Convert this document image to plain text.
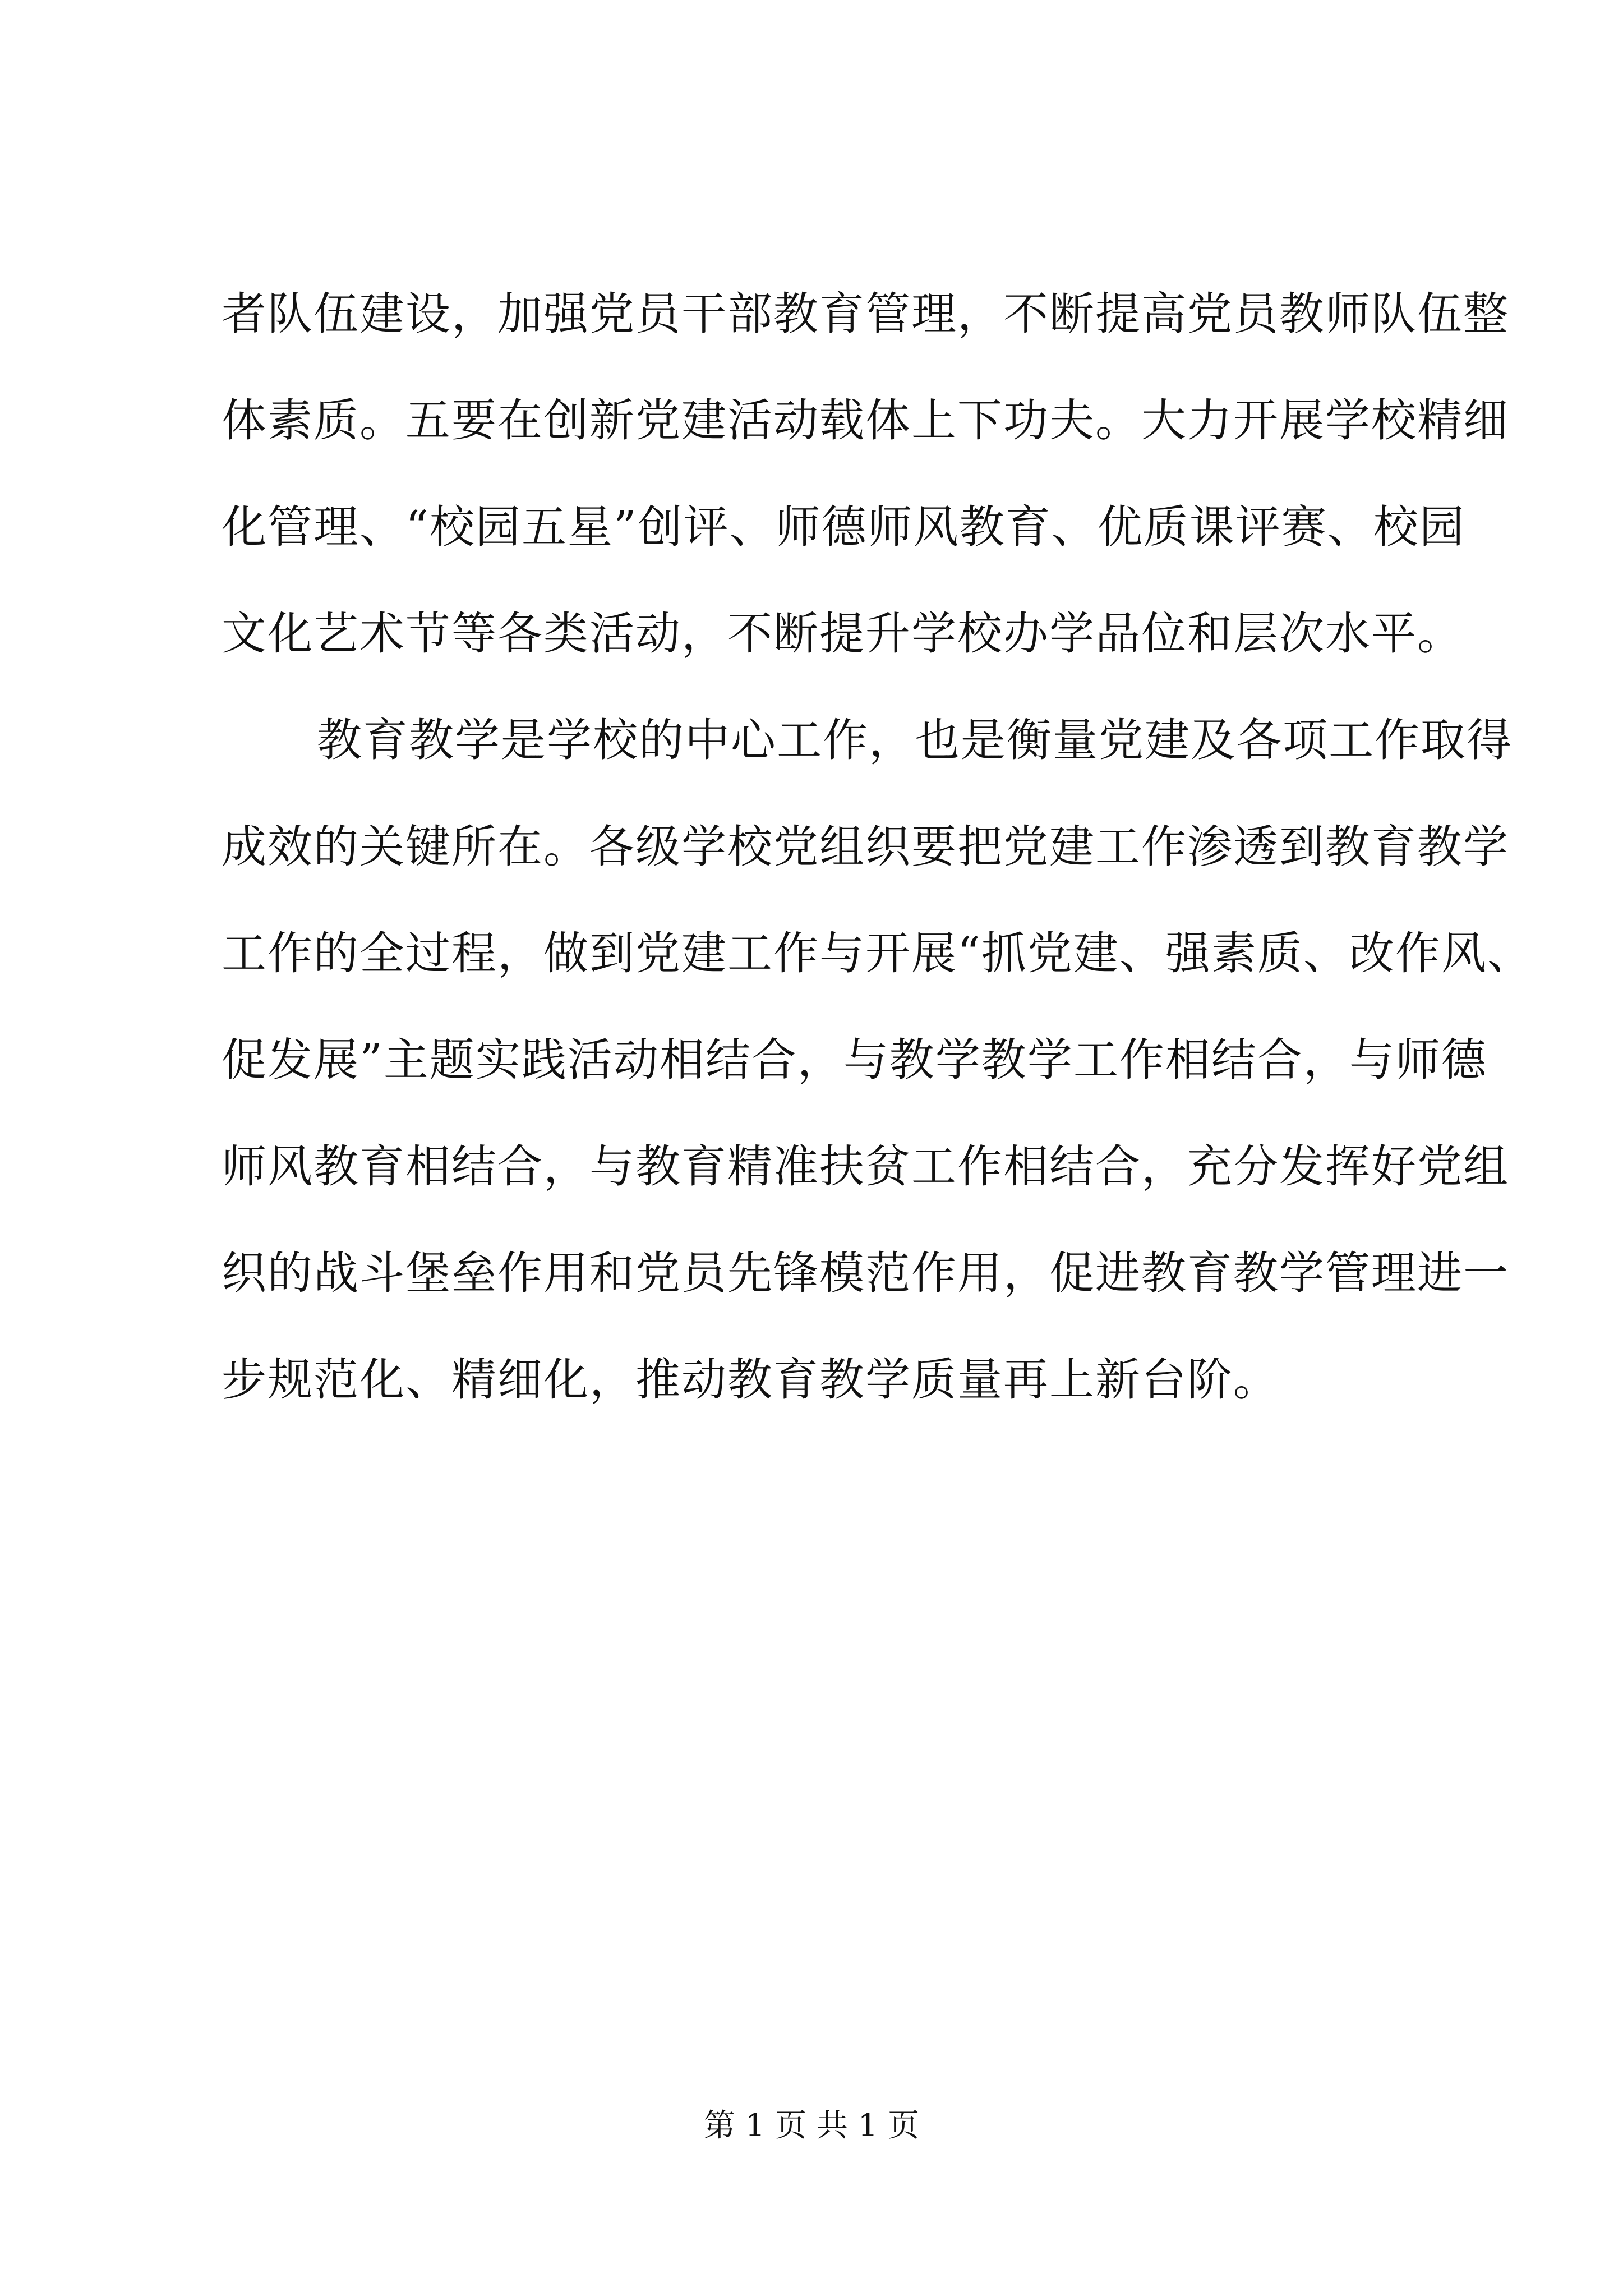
者队伍建设，加强党员干部教育管理，不断提高党员教师队伍整
体素质。五要在创新党建活动载体上下功夫。大力开展学校精细
化管理、“校园五星”创评、师德师风教育、优质课评赛、校园
文化艺术节等各类活动，不断提升学校办学品位和层次水平。
教育教学是学校的中心工作，也是衡量党建及各项工作取得
成效的关键所在。各级学校党组织要把党建工作渗透到教育教学
工作的全过程，做到党建工作与开展“抓党建、强素质、改作风、
促发展”主题实践活动相结合，与教学教学工作相结合，与师德
师风教育相结合，与教育精准扶贫工作相结合，充分发挥好党组
织的战斗堡垒作用和党员先锋模范作用，促进教育教学管理进一
步规范化、精细化，推动教育教学质量再上新台阶。
第 1 页 共 1 页
